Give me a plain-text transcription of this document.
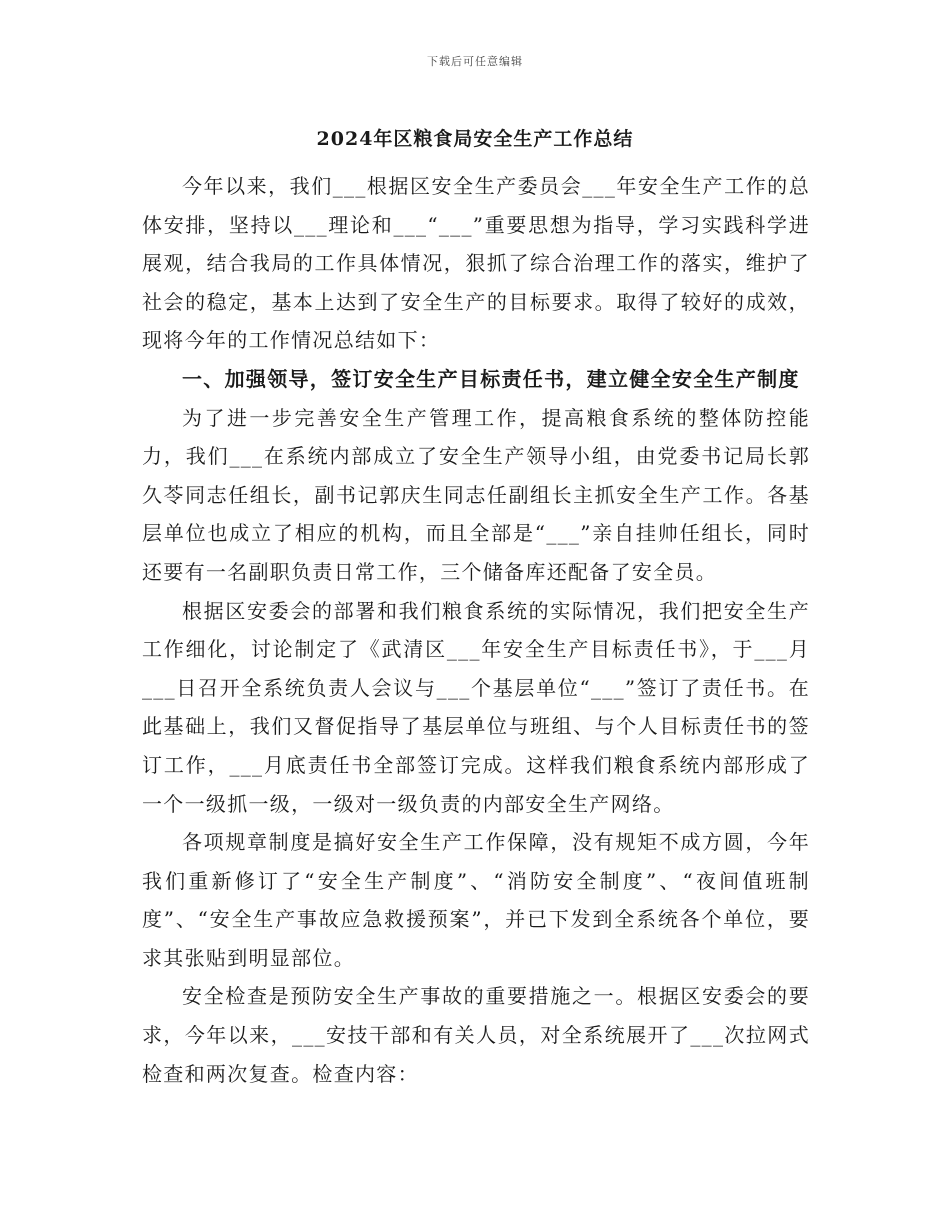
下载后可任意编辑
2024年区粮食局安全生产工作总结

今年以来，我们___根据区安全生产委员会___年安全生产工作的总体安排，坚持以___理论和___“___”重要思想为指导，学习实践科学进展观，结合我局的工作具体情况，狠抓了综合治理工作的落实，维护了社会的稳定，基本上达到了安全生产的目标要求。取得了较好的成效，现将今年的工作情况总结如下：

一、加强领导，签订安全生产目标责任书，建立健全安全生产制度

为了进一步完善安全生产管理工作，提高粮食系统的整体防控能力，我们___在系统内部成立了安全生产领导小组，由党委书记局长郭久苓同志任组长，副书记郭庆生同志任副组长主抓安全生产工作。各基层单位也成立了相应的机构，而且全部是“___”亲自挂帅任组长，同时还要有一名副职负责日常工作，三个储备库还配备了安全员。

根据区安委会的部署和我们粮食系统的实际情况，我们把安全生产工作细化，讨论制定了《武清区___年安全生产目标责任书》，于___月___日召开全系统负责人会议与___个基层单位“___”签订了责任书。在此基础上，我们又督促指导了基层单位与班组、与个人目标责任书的签订工作，___月底责任书全部签订完成。这样我们粮食系统内部形成了一个一级抓一级，一级对一级负责的内部安全生产网络。

各项规章制度是搞好安全生产工作保障，没有规矩不成方圆，今年我们重新修订了“安全生产制度”、“消防安全制度”、“夜间值班制度”、“安全生产事故应急救援预案”，并已下发到全系统各个单位，要求其张贴到明显部位。

安全检查是预防安全生产事故的重要措施之一。根据区安委会的要求，今年以来，___安技干部和有关人员，对全系统展开了___次拉网式检查和两次复查。检查内容：
